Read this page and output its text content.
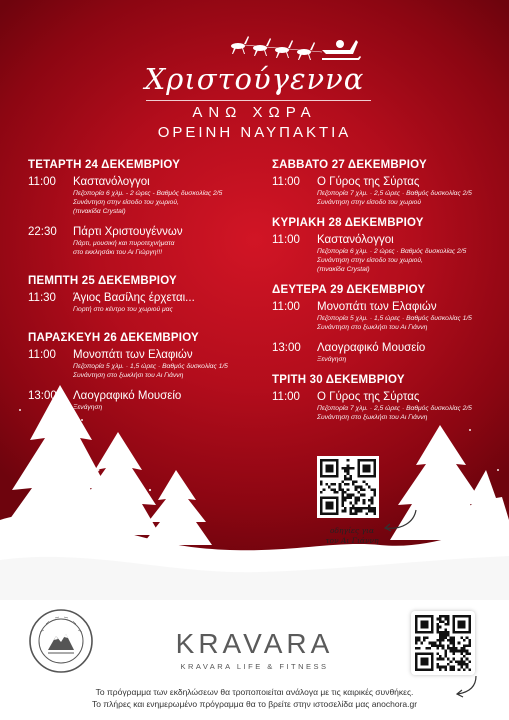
Χριστούγεννα
ΑΝΩ ΧΩΡΑ
ΟΡΕΙΝΗ ΝΑΥΠΑΚΤΙΑ
ΤΕΤΑΡΤΗ 24 ΔΕΚΕΜΒΡΙΟΥ
11:00	Καστανόλογγοι
Πεζοπορία 6 χλμ. - 2 ώρες - Βαθμός δυσκολίας 2/5
Συνάντηση στην είσοδο του χωριού,
(πινακίδα Crystal)
22:30	Πάρτι Χριστουγέννων
Πάρτι, μουσική και πυροτεχνήματα
στο εκκλησάκι του Αι Γιώργη!!!
ΠΕΜΠΤΗ 25 ΔΕΚΕΜΒΡΙΟΥ
11:30	Άγιος Βασίλης έρχεται...
Γιορτή στο κέντρο του χωριού μας
ΠΑΡΑΣΚΕΥΗ 26 ΔΕΚΕΜΒΡΙΟΥ
11:00	Μονοπάτι των Ελαφιών
Πεζοπορία 5 χλμ. · 1,5 ώρες · Βαθμός δυσκολίας 1/5
Συνάντηση στο ξωκλήσι του Αι Γιάννη
13:00	Λαογραφικό Μουσείο
Ξενάγηση
ΣΑΒΒΑΤΟ 27 ΔΕΚΕΜΒΡΙΟΥ
11:00	Ο Γύρος της Σύρτας
Πεζοπορία 7 χλμ. · 2,5 ώρες · Βαθμός δυσκολίας 2/5
Συνάντηση στην είσοδο του χωριού
ΚΥΡΙΑΚΗ 28 ΔΕΚΕΜΒΡΙΟΥ
11:00	Καστανόλογγοι
Πεζοπορία 6 χλμ. · 2 ώρες · Βαθμός δυσκολίας 2/5
Συνάντηση στην είσοδο του χωριού,
(πινακίδα Crystal)
ΔΕΥΤΕΡΑ 29 ΔΕΚΕΜΒΡΙΟΥ
11:00	Μονοπάτι των Ελαφιών
Πεζοπορία 5 χλμ. · 1,5 ώρες · Βαθμός δυσκολίας 1/5
Συνάντηση στο ξωκλήσι του Αι Γιάννη
13:00	Λαογραφικό Μουσείο
Ξενάγηση
ΤΡΙΤΗ 30 ΔΕΚΕΜΒΡΙΟΥ
11:00	Ο Γύρος της Σύρτας
Πεζοπορία 7 χλμ. · 2,5 ώρες · Βαθμός δυσκολίας 2/5
Συνάντηση στο ξωκλήσι του Αι Γιάννη
οδηγίες για
τον Αι Γιάννη
KRAVARA
KRAVARA LIFE & FITNESS
Το πρόγραμμα των εκδηλώσεων θα τροποποιείται ανάλογα με τις καιρικές συνθήκες.
Το πλήρες και ενημερωμένο πρόγραμμα θα το βρείτε στην ιστοσελίδα μας anochora.gr
